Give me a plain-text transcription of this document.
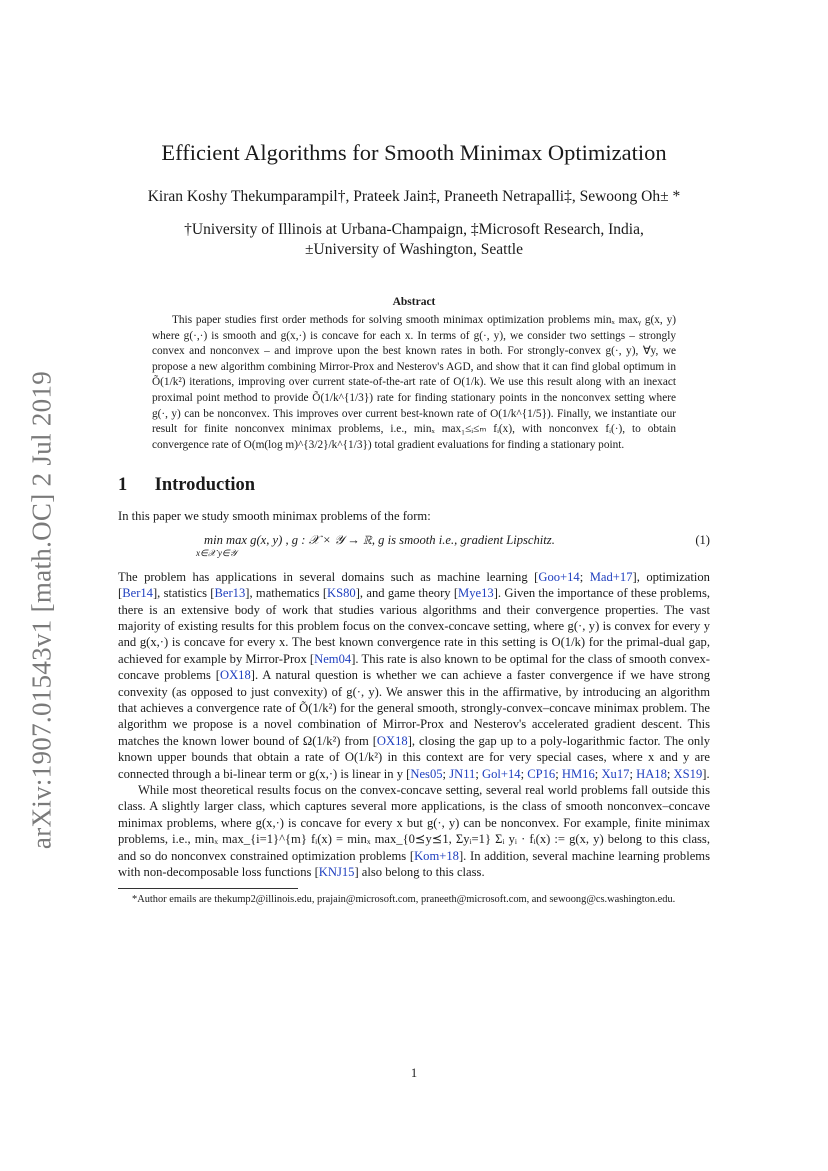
arXiv:1907.01543v1 [math.OC] 2 Jul 2019
Efficient Algorithms for Smooth Minimax Optimization
Kiran Koshy Thekumparampil†, Prateek Jain‡, Praneeth Netrapalli‡, Sewoong Oh± *
†University of Illinois at Urbana-Champaign, ‡Microsoft Research, India,
±University of Washington, Seattle
Abstract
This paper studies first order methods for solving smooth minimax optimization problems minₓ maxᵧ g(x, y) where g(·,·) is smooth and g(x,·) is concave for each x. In terms of g(·, y), we consider two settings – strongly convex and nonconvex – and improve upon the best known rates in both. For strongly-convex g(·, y), ∀y, we propose a new algorithm combining Mirror-Prox and Nesterov's AGD, and show that it can find global optimum in Õ(1/k²) iterations, improving over current state-of-the-art rate of O(1/k). We use this result along with an inexact proximal point method to provide Õ(1/k^{1/3}) rate for finding stationary points in the nonconvex setting where g(·, y) can be nonconvex. This improves over current best-known rate of O(1/k^{1/5}). Finally, we instantiate our result for finite nonconvex minimax problems, i.e., minₓ max₁≤ᵢ≤ₘ fᵢ(x), with nonconvex fᵢ(·), to obtain convergence rate of O(m(log m)^{3/2}/k^{1/3}) total gradient evaluations for finding a stationary point.
1 Introduction

In this paper we study smooth minimax problems of the form:

min max g(x, y) , g : 𝒳 × 𝒴 → ℝ, g is smooth i.e., gradient Lipschitz.
x∈𝒳 y∈𝒴
(1)

The problem has applications in several domains such as machine learning [Goo+14; Mad+17], optimization [Ber14], statistics [Ber13], mathematics [KS80], and game theory [Mye13]. Given the importance of these problems, there is an extensive body of work that studies various algorithms and their convergence properties. The vast majority of existing results for this problem focus on the convex-concave setting, where g(·, y) is convex for every y and g(x,·) is concave for every x. The best known convergence rate in this setting is O(1/k) for the primal-dual gap, achieved for example by Mirror-Prox [Nem04]. This rate is also known to be optimal for the class of smooth convex-concave problems [OX18]. A natural question is whether we can achieve a faster convergence if we have strong convexity (as opposed to just convexity) of g(·, y). We answer this in the affirmative, by introducing an algorithm that achieves a convergence rate of Õ(1/k²) for the general smooth, strongly-convex–concave minimax problem. The algorithm we propose is a novel combination of Mirror-Prox and Nesterov's accelerated gradient descent. This matches the known lower bound of Ω(1/k²) from [OX18], closing the gap up to a poly-logarithmic factor. The only known upper bounds that obtain a rate of O(1/k²) in this context are for very special cases, where x and y are connected through a bi-linear term or g(x,·) is linear in y [Nes05; JN11; Gol+14; CP16; HM16; Xu17; HA18; XS19].

While most theoretical results focus on the convex-concave setting, several real world problems fall outside this class. A slightly larger class, which captures several more applications, is the class of smooth nonconvex–concave minimax problems, where g(x,·) is concave for every x but g(·, y) can be nonconvex. For example, finite minimax problems, i.e., minₓ max_{i=1}^{m} fᵢ(x) = minₓ max_{0⪯y⪯1, Σyᵢ=1} Σᵢ yᵢ · fᵢ(x) := g(x, y) belong to this class, and so do nonconvex constrained optimization problems [Kom+18]. In addition, several machine learning problems with non-decomposable loss functions [KNJ15] also belong to this class.

*Author emails are thekump2@illinois.edu, prajain@microsoft.com, praneeth@microsoft.com, and sewoong@cs.washington.edu.
1
